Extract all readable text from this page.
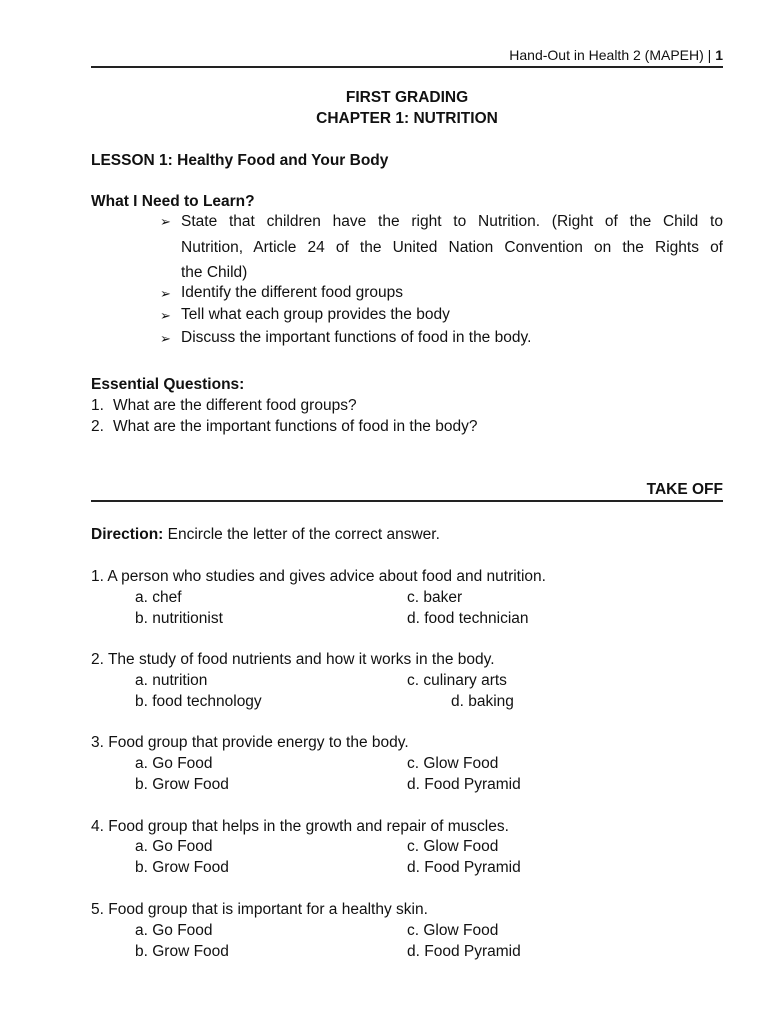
Hand-Out in Health 2 (MAPEH) | 1
FIRST GRADING
CHAPTER 1: NUTRITION
LESSON 1: Healthy Food and Your Body
What I Need to Learn?
➢ State that children have the right to Nutrition. (Right of the Child to
Nutrition, Article 24 of the United Nation Convention on the Rights of
the Child)
➢ Identify the different food groups
➢ Tell what each group provides the body
➢ Discuss the important functions of food in the body.
Essential Questions:
1. What are the different food groups?
2. What are the important functions of food in the body?
TAKE OFF
Direction: Encircle the letter of the correct answer.
1. A person who studies and gives advice about food and nutrition.
a. chef	c. baker
b. nutritionist	d. food technician
2. The study of food nutrients and how it works in the body.
a. nutrition	c. culinary arts
b. food technology	d. baking
3. Food group that provide energy to the body.
a. Go Food	c. Glow Food
b. Grow Food	d. Food Pyramid
4. Food group that helps in the growth and repair of muscles.
a. Go Food	c. Glow Food
b. Grow Food	d. Food Pyramid
5. Food group that is important for a healthy skin.
a. Go Food	c. Glow Food
b. Grow Food	d. Food Pyramid
